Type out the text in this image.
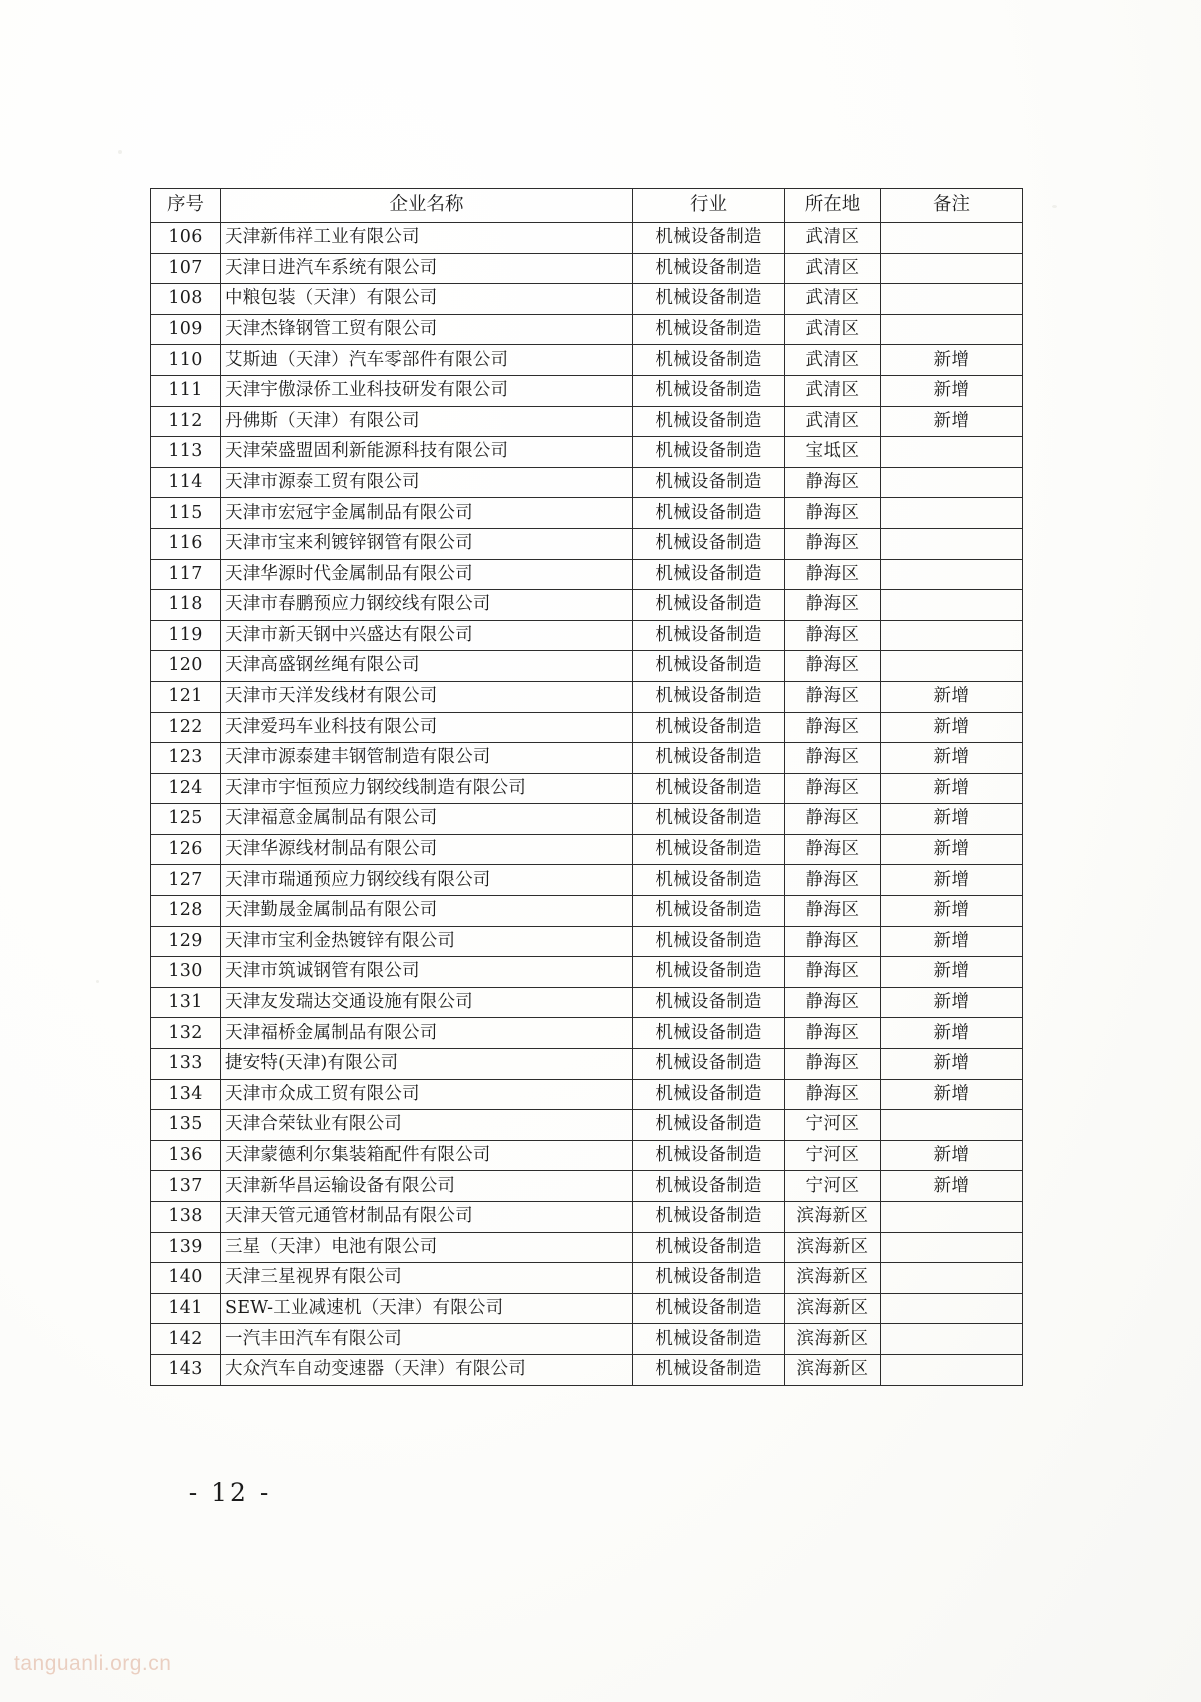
序号	企业名称	行业	所在地	备注
106	天津新伟祥工业有限公司	机械设备制造	武清区	
107	天津日进汽车系统有限公司	机械设备制造	武清区	
108	中粮包装（天津）有限公司	机械设备制造	武清区	
109	天津杰锋钢管工贸有限公司	机械设备制造	武清区	
110	艾斯迪（天津）汽车零部件有限公司	机械设备制造	武清区	新增
111	天津宇傲渌侨工业科技研发有限公司	机械设备制造	武清区	新增
112	丹佛斯（天津）有限公司	机械设备制造	武清区	新增
113	天津荣盛盟固利新能源科技有限公司	机械设备制造	宝坻区	
114	天津市源泰工贸有限公司	机械设备制造	静海区	
115	天津市宏冠宇金属制品有限公司	机械设备制造	静海区	
116	天津市宝来利镀锌钢管有限公司	机械设备制造	静海区	
117	天津华源时代金属制品有限公司	机械设备制造	静海区	
118	天津市春鹏预应力钢绞线有限公司	机械设备制造	静海区	
119	天津市新天钢中兴盛达有限公司	机械设备制造	静海区	
120	天津高盛钢丝绳有限公司	机械设备制造	静海区	
121	天津市天洋发线材有限公司	机械设备制造	静海区	新增
122	天津爱玛车业科技有限公司	机械设备制造	静海区	新增
123	天津市源泰建丰钢管制造有限公司	机械设备制造	静海区	新增
124	天津市宇恒预应力钢绞线制造有限公司	机械设备制造	静海区	新增
125	天津福意金属制品有限公司	机械设备制造	静海区	新增
126	天津华源线材制品有限公司	机械设备制造	静海区	新增
127	天津市瑞通预应力钢绞线有限公司	机械设备制造	静海区	新增
128	天津勤晟金属制品有限公司	机械设备制造	静海区	新增
129	天津市宝利金热镀锌有限公司	机械设备制造	静海区	新增
130	天津市筑诚钢管有限公司	机械设备制造	静海区	新增
131	天津友发瑞达交通设施有限公司	机械设备制造	静海区	新增
132	天津福桥金属制品有限公司	机械设备制造	静海区	新增
133	捷安特(天津)有限公司	机械设备制造	静海区	新增
134	天津市众成工贸有限公司	机械设备制造	静海区	新增
135	天津合荣钛业有限公司	机械设备制造	宁河区	
136	天津蒙德利尔集装箱配件有限公司	机械设备制造	宁河区	新增
137	天津新华昌运输设备有限公司	机械设备制造	宁河区	新增
138	天津天管元通管材制品有限公司	机械设备制造	滨海新区	
139	三星（天津）电池有限公司	机械设备制造	滨海新区	
140	天津三星视界有限公司	机械设备制造	滨海新区	
141	SEW-工业减速机（天津）有限公司	机械设备制造	滨海新区	
142	一汽丰田汽车有限公司	机械设备制造	滨海新区	
143	大众汽车自动变速器（天津）有限公司	机械设备制造	滨海新区	
- 12 -
tanguanli.org.cn
